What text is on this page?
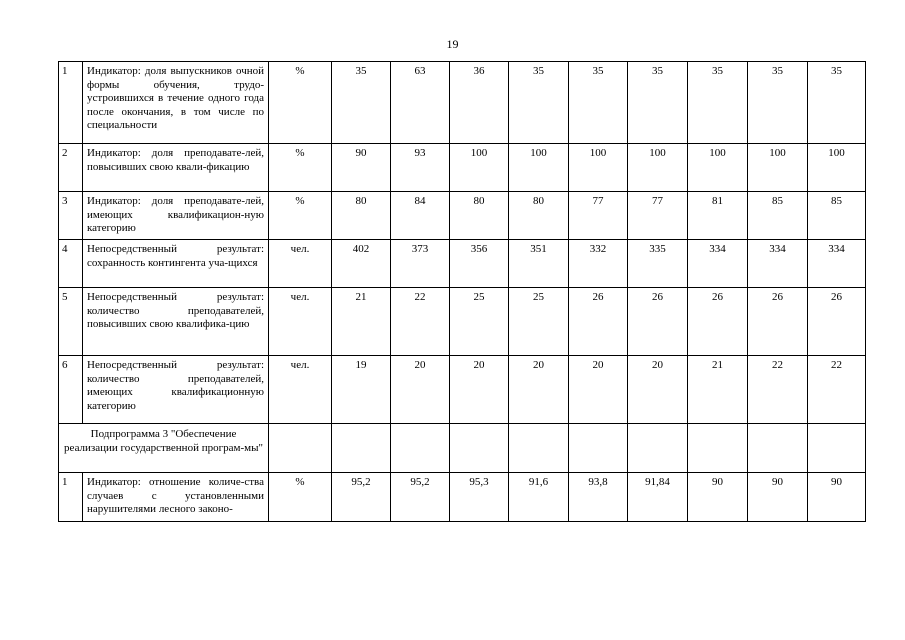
19
1	Индикатор: доля выпускников очной формы обучения, трудо-устроившихся в течение одного года после окончания, в том числе по специальности	%	35	63	36	35	35	35	35	35	35
2	Индикатор: доля преподавате-лей, повысивших свою квали-фикацию	%	90	93	100	100	100	100	100	100	100
3	Индикатор: доля преподавате-лей, имеющих квалификацион-ную категорию	%	80	84	80	80	77	77	81	85	85
4	Непосредственный результат: сохранность контингента уча-щихся	чел.	402	373	356	351	332	335	334	334	334
5	Непосредственный результат: количество преподавателей, повысивших свою квалифика-цию	чел.	21	22	25	25	26	26	26	26	26
6	Непосредственный результат: количество преподавателей, имеющих квалификационную категорию	чел.	19	20	20	20	20	20	21	22	22
Подпрограмма 3 "Обеспечение реализации государственной програм-мы"											
1	Индикатор: отношение количе-ства случаев с установленными нарушителями лесного законо-	%	95,2	95,2	95,3	91,6	93,8	91,84	90	90	90
